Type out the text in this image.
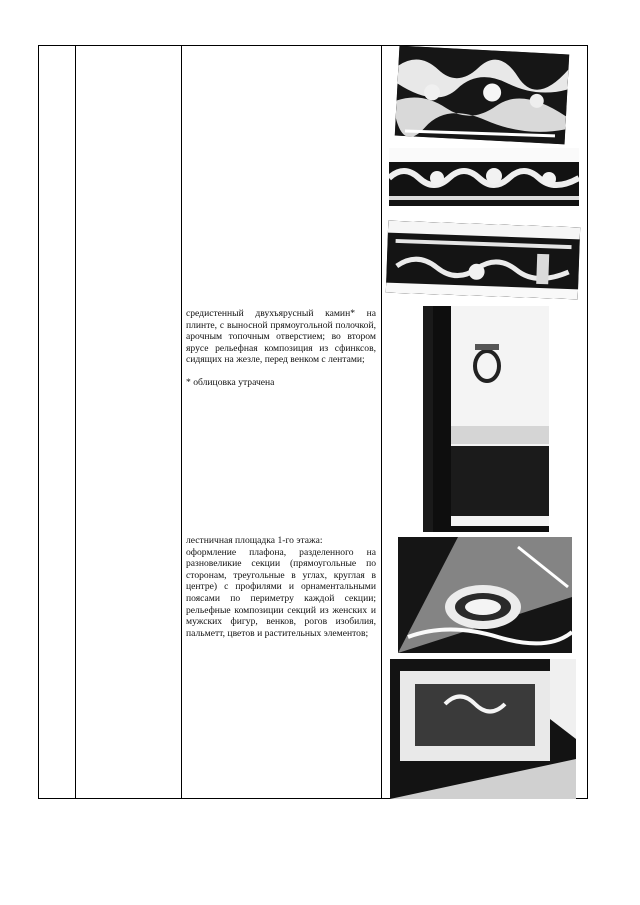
средистенный двухъярусный камин* на плинте, с выносной прямоугольной полочкой, арочным топочным отверстием; во втором ярусе рельефная композиция из сфинксов, сидящих на жезле, перед венком с лентами;

* облицовка утрачена

лестничная площадка 1-го этажа:

оформление плафона, разделенного на разновеликие секции (прямоугольные по сторонам, треугольные в углах, круглая в центре) с профилями и орнаментальными поясами по периметру каждой секции; рельефные композиции секций из женских и мужских фигур, венков, рогов изобилия, пальметт, цветов и растительных элементов;
